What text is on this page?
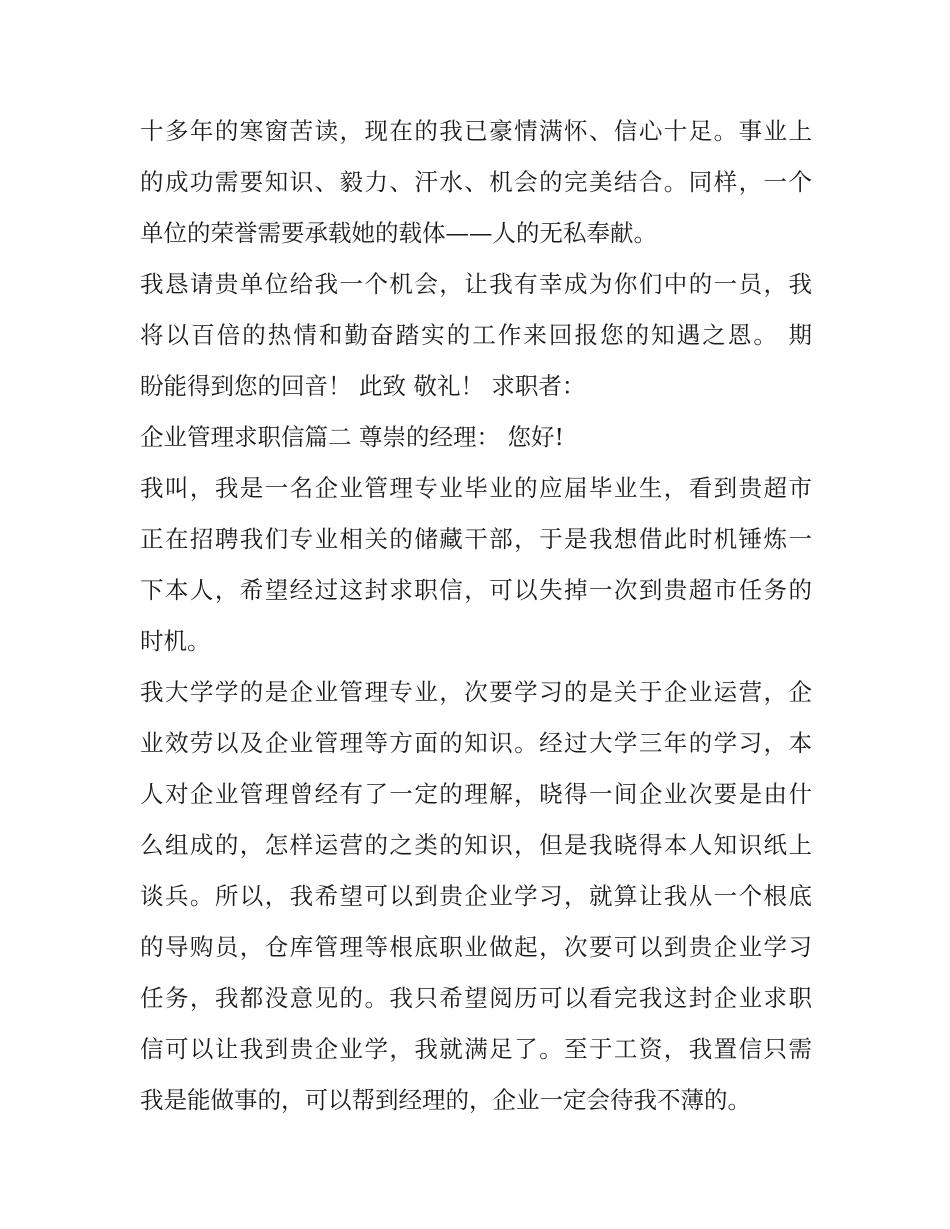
十多年的寒窗苦读，现在的我已豪情满怀、信心十足。事业上
的成功需要知识、毅力、汗水、机会的完美结合。同样，一个
单位的荣誉需要承载她的载体——人的无私奉献。
我恳请贵单位给我一个机会，让我有幸成为你们中的一员，我
将以百倍的热情和勤奋踏实的工作来回报您的知遇之恩。 期
盼能得到您的回音！ 此致 敬礼！ 求职者：
企业管理求职信篇二 尊崇的经理： 您好!
我叫，我是一名企业管理专业毕业的应届毕业生，看到贵超市
正在招聘我们专业相关的储藏干部，于是我想借此时机锤炼一
下本人，希望经过这封求职信，可以失掉一次到贵超市任务的
时机。
我大学学的是企业管理专业，次要学习的是关于企业运营，企
业效劳以及企业管理等方面的知识。经过大学三年的学习，本
人对企业管理曾经有了一定的理解，晓得一间企业次要是由什
么组成的，怎样运营的之类的知识，但是我晓得本人知识纸上
谈兵。所以，我希望可以到贵企业学习，就算让我从一个根底
的导购员，仓库管理等根底职业做起，次要可以到贵企业学习
任务，我都没意见的。我只希望阅历可以看完我这封企业求职
信可以让我到贵企业学，我就满足了。至于工资，我置信只需
我是能做事的，可以帮到经理的，企业一定会待我不薄的。
